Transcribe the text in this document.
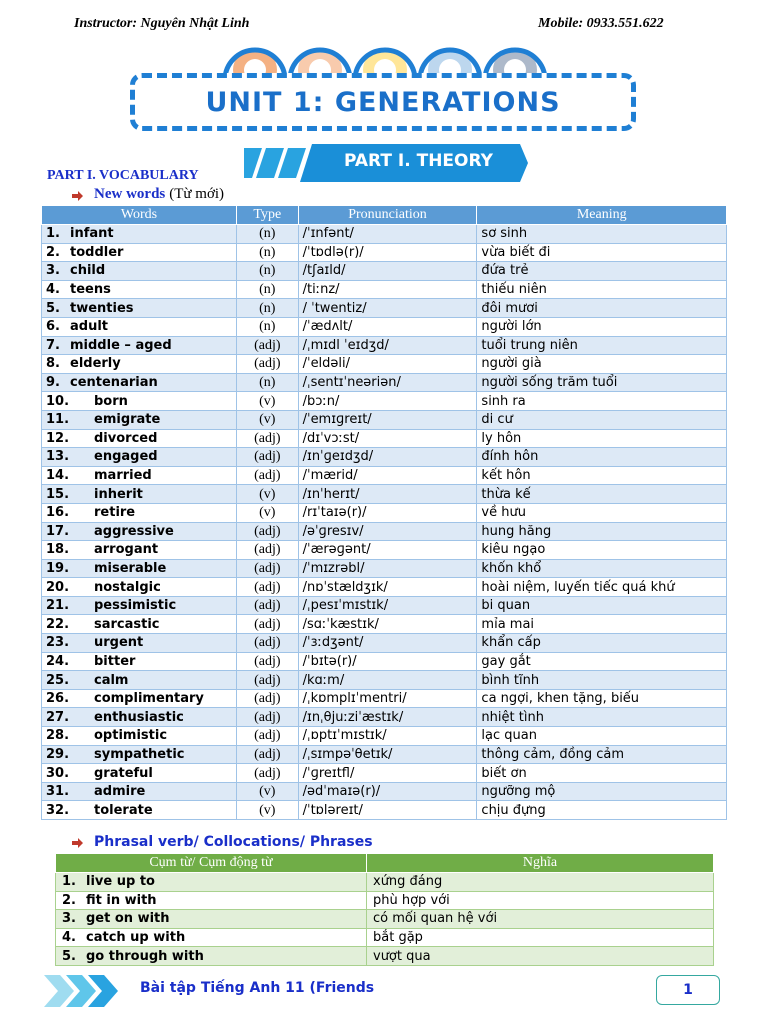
Instructor: Nguyên Nhật Linh	Mobile: 0933.551.622
UNIT 1: GENERATIONS
PART I. THEORY
PART I. VOCABULARY
New words (Từ mới)
Words	Type	Pronunciation	Meaning
1. infant	(n)	/ˈɪnfənt/	sơ sinh
2. toddler	(n)	/ˈtɒdlə(r)/	vừa biết đi
3. child	(n)	/tʃaɪld/	đứa trẻ
4. teens	(n)	/tiːnz/	thiếu niên
5. twenties	(n)	/ ˈtwentiz/	đôi mươi
6. adult	(n)	/ˈædʌlt/	người lớn
7. middle – aged	(adj)	/ˌmɪdl ˈeɪdʒd/	tuổi trung niên
8. elderly	(adj)	/ˈeldəli/	người già
9. centenarian	(n)	/ˌsentɪˈneəriən/	người sống trăm tuổi
10. born	(v)	/bɔːn/	sinh ra
11. emigrate	(v)	/ˈemɪɡreɪt/	di cư
12. divorced	(adj)	/dɪˈvɔːst/	ly hôn
13. engaged	(adj)	/ɪnˈɡeɪdʒd/	đính hôn
14. married	(adj)	/ˈmærid/	kết hôn
15. inherit	(v)	/ɪnˈherɪt/	thừa kế
16. retire	(v)	/rɪˈtaɪə(r)/	về hưu
17. aggressive	(adj)	/əˈɡresɪv/	hung hăng
18. arrogant	(adj)	/ˈærəɡənt/	kiêu ngạo
19. miserable	(adj)	/ˈmɪzrəbl/	khốn khổ
20. nostalgic	(adj)	/nɒˈstældʒɪk/	hoài niệm, luyến tiếc quá khứ
21. pessimistic	(adj)	/ˌpesɪˈmɪstɪk/	bi quan
22. sarcastic	(adj)	/sɑːˈkæstɪk/	mỉa mai
23. urgent	(adj)	/ˈɜːdʒənt/	khẩn cấp
24. bitter	(adj)	/ˈbɪtə(r)/	gay gắt
25. calm	(adj)	/kɑːm/	bình tĩnh
26. complimentary	(adj)	/ˌkɒmplɪˈmentri/	ca ngợi, khen tặng, biếu
27. enthusiastic	(adj)	/ɪnˌθjuːziˈæstɪk/	nhiệt tình
28. optimistic	(adj)	/ˌɒptɪˈmɪstɪk/	lạc quan
29. sympathetic	(adj)	/ˌsɪmpəˈθetɪk/	thông cảm, đồng cảm
30. grateful	(adj)	/ˈɡreɪtfl/	biết ơn
31. admire	(v)	/ədˈmaɪə(r)/	ngưỡng mộ
32. tolerate	(v)	/ˈtɒləreɪt/	chịu đựng
Phrasal verb/ Collocations/ Phrases
Cụm từ/ Cụm động từ	Nghĩa
1. live up to	xứng đáng
2. fit in with	phù hợp với
3. get on with	có mối quan hệ với
4. catch up with	bắt gặp
5. go through with	vượt qua
Bài tập Tiếng Anh 11 (Friends	1
